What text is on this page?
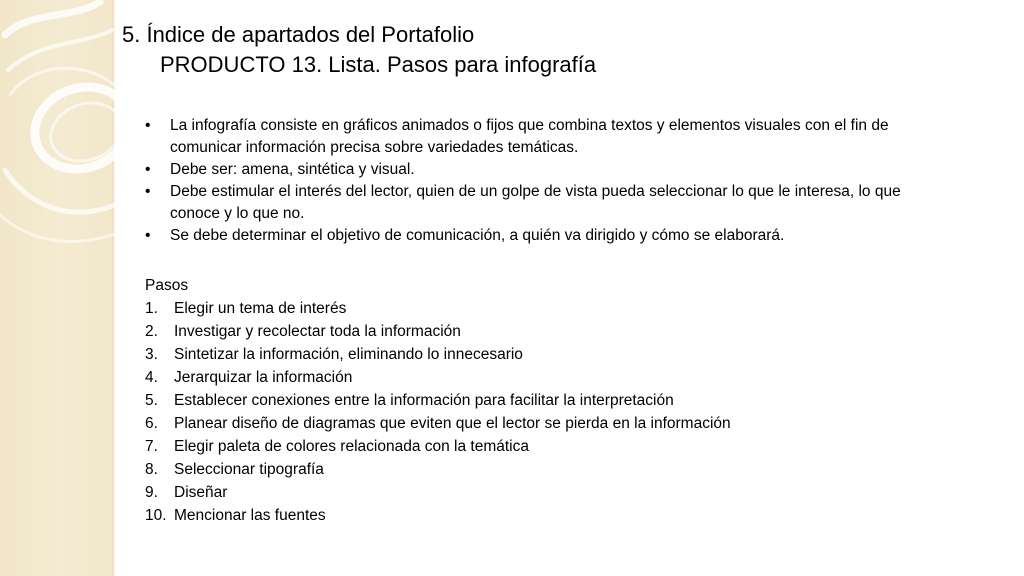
5. Índice de apartados del Portafolio
PRODUCTO 13. Lista. Pasos para infografía
• La infografía consiste en gráficos animados o fijos que combina textos y elementos visuales con el fin de comunicar información precisa sobre variedades temáticas.
• Debe ser: amena, sintética y visual.
• Debe estimular el interés del lector, quien de un golpe de vista pueda seleccionar lo que le interesa, lo que conoce y lo que no.
• Se debe determinar el objetivo de comunicación, a quién va dirigido y cómo se elaborará.
Pasos
1. Elegir un tema de interés
2. Investigar y recolectar toda la información
3. Sintetizar la información, eliminando lo innecesario
4. Jerarquizar la información
5. Establecer conexiones entre la información para facilitar la interpretación
6. Planear diseño de diagramas que eviten que el lector se pierda en la información
7. Elegir paleta de colores relacionada con la temática
8. Seleccionar tipografía
9. Diseñar
10. Mencionar las fuentes
